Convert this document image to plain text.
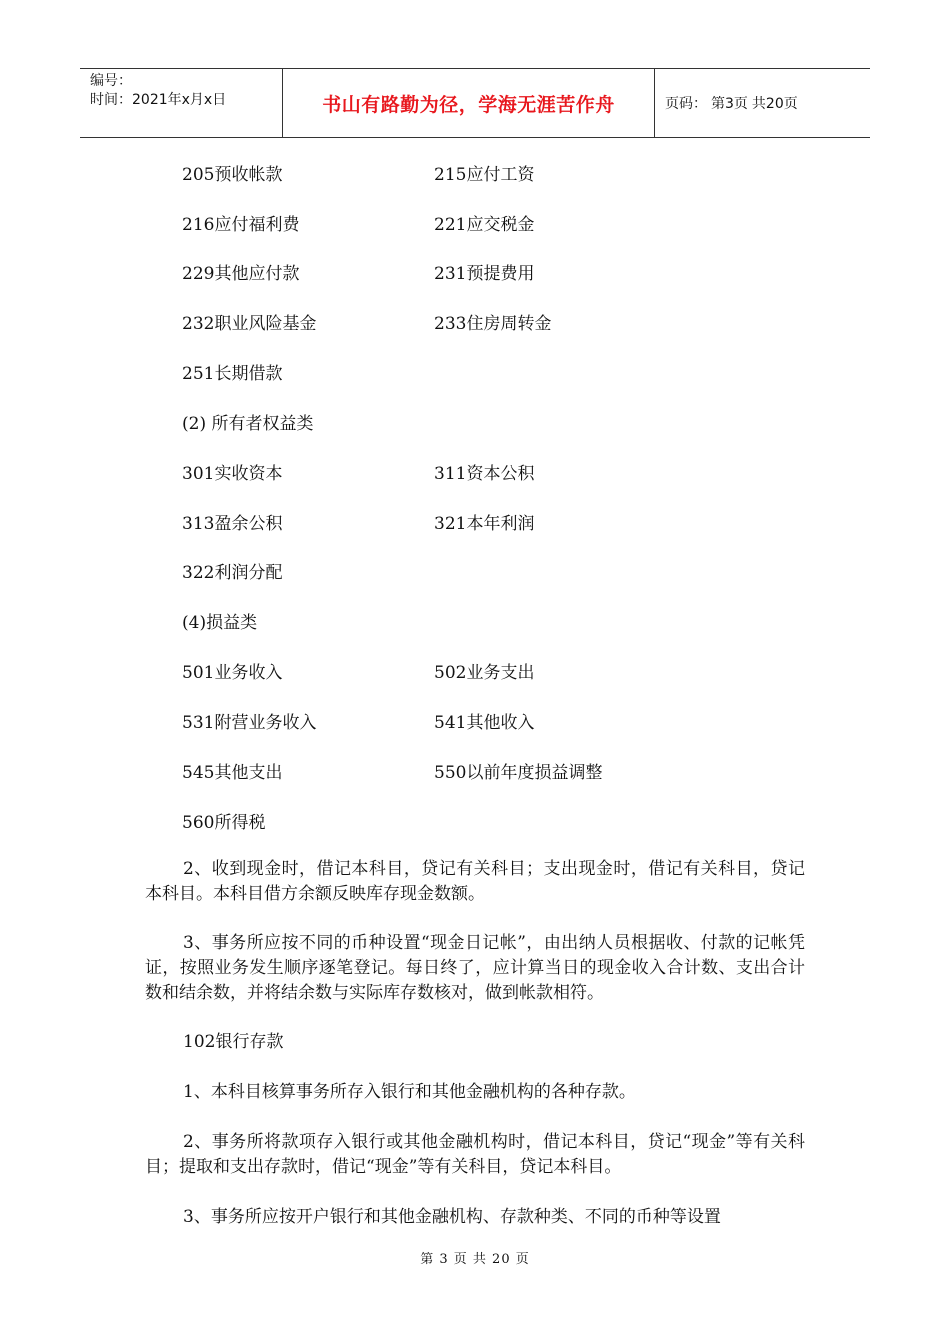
编号：
时间：2021年x月x日	书山有路勤为径，学海无涯苦作舟	页码： 第3页 共20页
205预收帐款	215应付工资
216应付福利费	221应交税金
229其他应付款	231预提费用
232职业风险基金	233住房周转金
251长期借款
(2) 所有者权益类
301实收资本	311资本公积
313盈余公积	321本年利润
322利润分配
(4)损益类
501业务收入	502业务支出
531附营业务收入	541其他收入
545其他支出	550以前年度损益调整
560所得税
2、收到现金时，借记本科目，贷记有关科目；支出现金时，借记有关科目，贷记本科目。本科目借方余额反映库存现金数额。
3、事务所应按不同的币种设置“现金日记帐”，由出纳人员根据收、付款的记帐凭证，按照业务发生顺序逐笔登记。每日终了，应计算当日的现金收入合计数、支出合计数和结余数，并将结余数与实际库存数核对，做到帐款相符。
102银行存款
1、本科目核算事务所存入银行和其他金融机构的各种存款。
2、事务所将款项存入银行或其他金融机构时，借记本科目，贷记“现金”等有关科目；提取和支出存款时，借记“现金”等有关科目，贷记本科目。
3、事务所应按开户银行和其他金融机构、存款种类、不同的币种等设置
第 3 页 共 20 页
